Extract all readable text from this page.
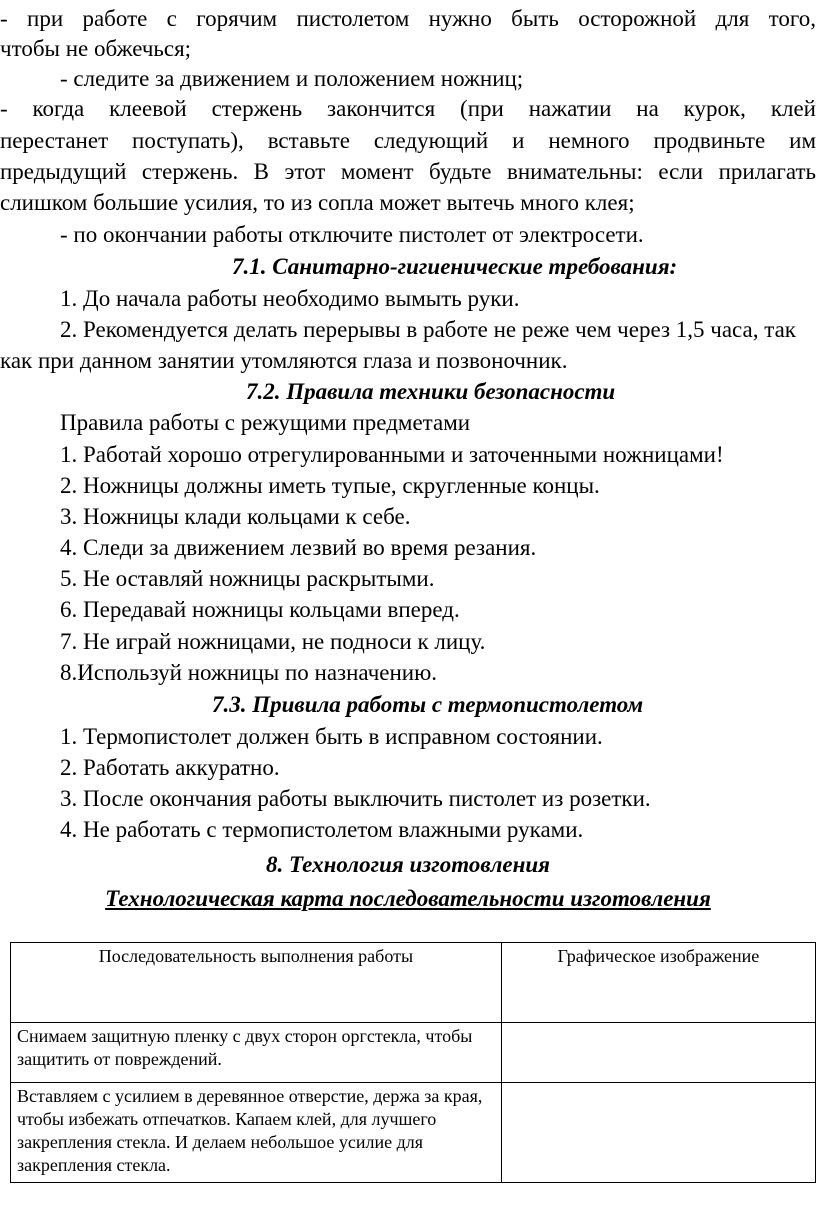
- при работе с горячим пистолетом нужно быть осторожной для того,

чтобы не обжечься;

- следите за движением и положением ножниц;

- когда клеевой стержень закончится (при нажатии на курок, клей

перестанет поступать), вставьте следующий и немного продвиньте им

предыдущий стержень. В этот момент будьте внимательны: если прилагать

слишком большие усилия, то из сопла может вытечь много клея;

- по окончании работы отключите пистолет от электросети.

7.1. Санитарно-гигиенические требования:

1. До начала работы необходимо вымыть руки.

2. Рекомендуется делать перерывы в работе не реже чем через 1,5 часа, так

как при данном занятии утомляются глаза и позвоночник.

7.2. Правила техники безопасности

Правила работы с режущими предметами

1. Работай хорошо отрегулированными и заточенными ножницами!

2. Ножницы должны иметь тупые, скругленные концы.

3. Ножницы клади кольцами к себе.

4. Следи за движением лезвий во время резания.

5. Не оставляй ножницы раскрытыми.

6. Передавай ножницы кольцами вперед.

7. Не играй ножницами, не подноси к лицу.

8.Используй ножницы по назначению.

7.3. Привила работы с термопистолетом

1. Термопистолет должен быть в исправном состоянии.

2. Работать аккуратно.

3. После окончания работы выключить пистолет из розетки.

4. Не работать с термопистолетом влажными руками.

8. Технология изготовления

Технологическая карта последовательности изготовления

Последовательность выполнения работы	Графическое изображение
Снимаем защитную пленку с двух сторон оргстекла, чтобы защитить от повреждений.	
Вставляем с усилием в деревянное отверстие, держа за края, чтобы избежать отпечатков. Капаем клей, для лучшего закрепления стекла. И делаем небольшое усилие для закрепления стекла.	
